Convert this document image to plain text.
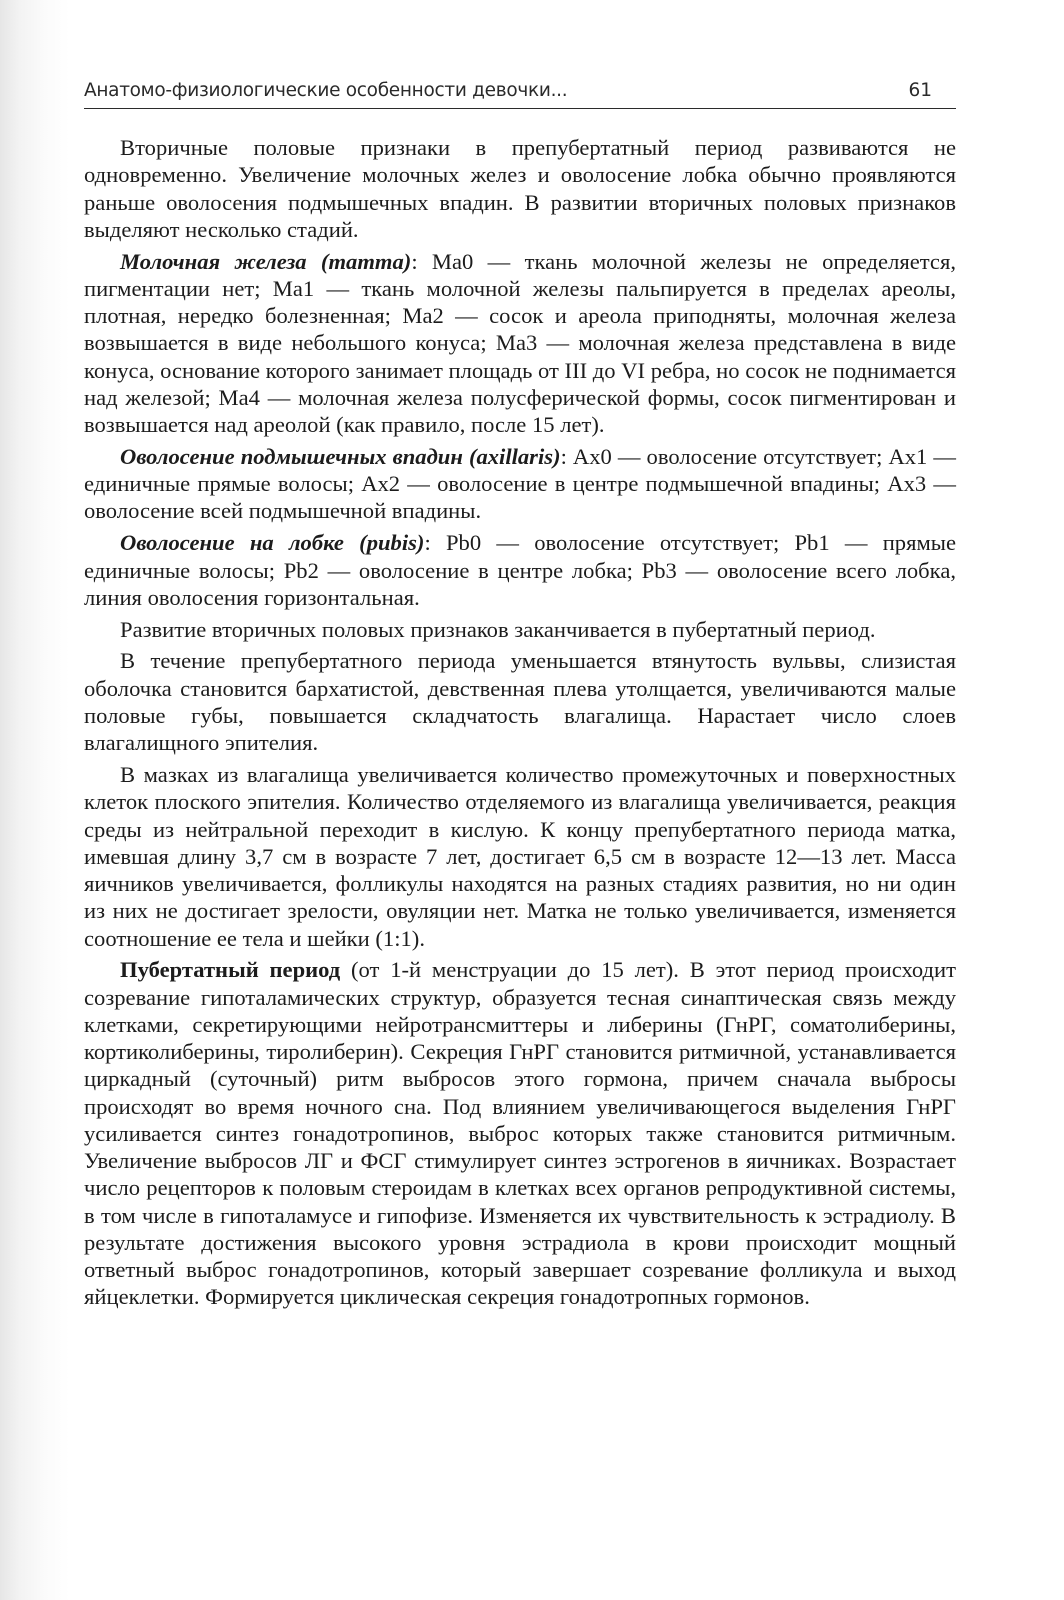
Анатомо-физиологические особенности девочки...	61

Вторичные половые признаки в препубертатный период развиваются не одновременно. Увеличение молочных желез и оволосение лобка обычно проявляются раньше оволосения подмышечных впадин. В развитии вторичных половых признаков выделяют несколько стадий.

Молочная железа (mamma): Ma0 — ткань молочной железы не определяется, пигментации нет; Ma1 — ткань молочной железы пальпируется в пределах ареолы, плотная, нередко болезненная; Ma2 — сосок и ареола приподняты, молочная железа возвышается в виде небольшого конуса; Ma3 — молочная железа представлена в виде конуса, основание которого занимает площадь от III до VI ребра, но сосок не поднимается над железой; Ma4 — молочная железа полусферической формы, сосок пигментирован и возвышается над ареолой (как правило, после 15 лет).

Оволосение подмышечных впадин (axillaris): Ax0 — оволосение отсутствует; Ax1 — единичные прямые волосы; Ax2 — оволосение в центре подмышечной впадины; Ax3 — оволосение всей подмышечной впадины.

Оволосение на лобке (pubis): Pb0 — оволосение отсутствует; Pb1 — прямые единичные волосы; Pb2 — оволосение в центре лобка; Pb3 — оволосение всего лобка, линия оволосения горизонтальная.

Развитие вторичных половых признаков заканчивается в пубертатный период.

В течение препубертатного периода уменьшается втянутость вульвы, слизистая оболочка становится бархатистой, девственная плева утолщается, увеличиваются малые половые губы, повышается складчатость влагалища. Нарастает число слоев влагалищного эпителия.

В мазках из влагалища увеличивается количество промежуточных и поверхностных клеток плоского эпителия. Количество отделяемого из влагалища увеличивается, реакция среды из нейтральной переходит в кислую. К концу препубертатного периода матка, имевшая длину 3,7 см в возрасте 7 лет, достигает 6,5 см в возрасте 12—13 лет. Масса яичников увеличивается, фолликулы находятся на разных стадиях развития, но ни один из них не достигает зрелости, овуляции нет. Матка не только увеличивается, изменяется соотношение ее тела и шейки (1:1).

Пубертатный период (от 1-й менструации до 15 лет). В этот период происходит созревание гипоталамических структур, образуется тесная синаптическая связь между клетками, секретирующими нейротрансмиттеры и либерины (ГнРГ, соматолиберины, кортиколиберины, тиролиберин). Секреция ГнРГ становится ритмичной, устанавливается циркадный (суточный) ритм выбросов этого гормона, причем сначала выбросы происходят во время ночного сна. Под влиянием увеличивающегося выделения ГнРГ усиливается синтез гонадотропинов, выброс которых также становится ритмичным. Увеличение выбросов ЛГ и ФСГ стимулирует синтез эстрогенов в яичниках. Возрастает число рецепторов к половым стероидам в клетках всех органов репродуктивной системы, в том числе в гипоталамусе и гипофизе. Изменяется их чувствительность к эстрадиолу. В результате достижения высокого уровня эстрадиола в крови происходит мощный ответный выброс гонадотропинов, который завершает созревание фолликула и выход яйцеклетки. Формируется циклическая секреция гонадотропных гормонов.
